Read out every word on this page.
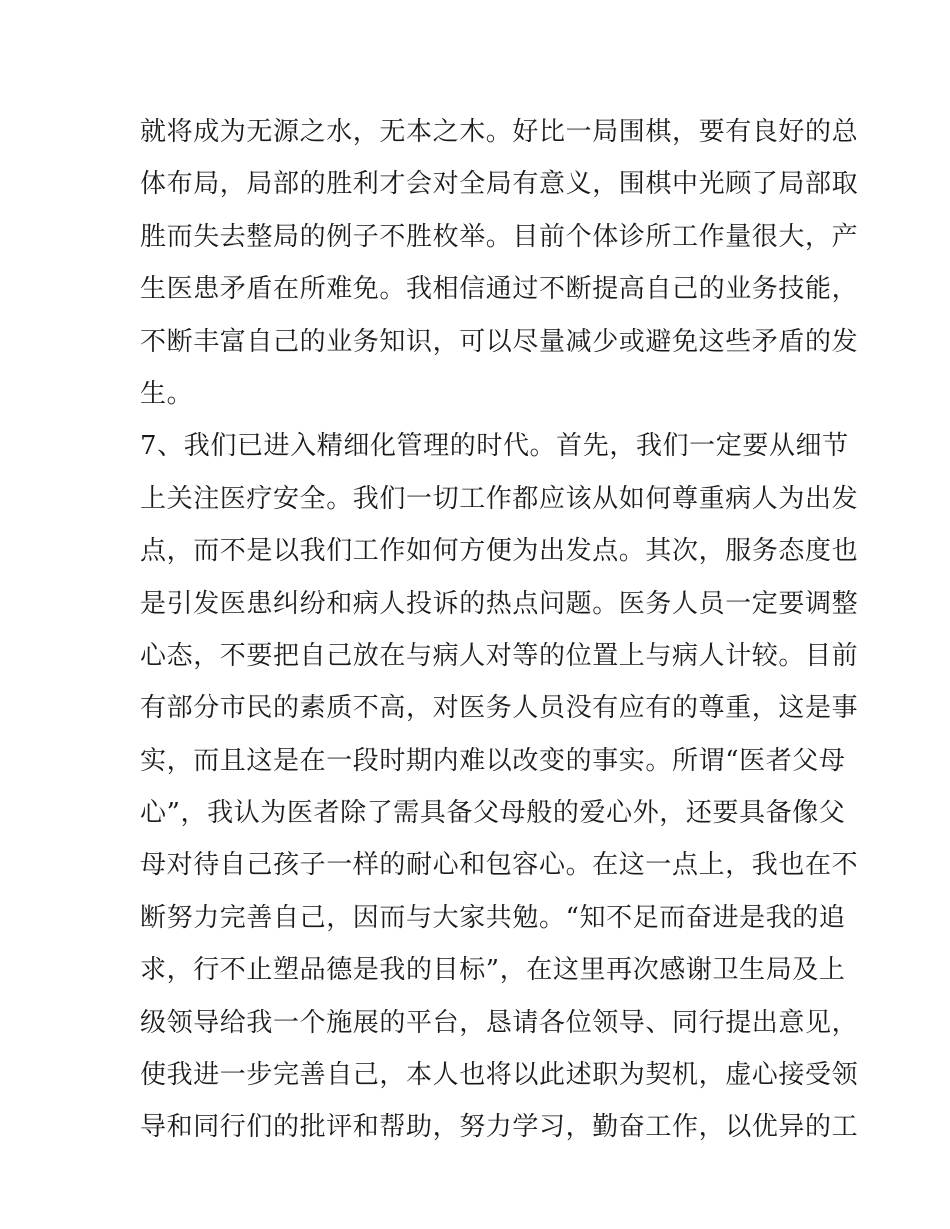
就将成为无源之水，无本之木。好比一局围棋，要有良好的总
体布局，局部的胜利才会对全局有意义，围棋中光顾了局部取
胜而失去整局的例子不胜枚举。目前个体诊所工作量很大，产
生医患矛盾在所难免。我相信通过不断提高自己的业务技能，
不断丰富自己的业务知识，可以尽量减少或避免这些矛盾的发
生。
7、我们已进入精细化管理的时代。首先，我们一定要从细节
上关注医疗安全。我们一切工作都应该从如何尊重病人为出发
点，而不是以我们工作如何方便为出发点。其次，服务态度也
是引发医患纠纷和病人投诉的热点问题。医务人员一定要调整
心态，不要把自己放在与病人对等的位置上与病人计较。目前
有部分市民的素质不高，对医务人员没有应有的尊重，这是事
实，而且这是在一段时期内难以改变的事实。所谓“医者父母
心”，我认为医者除了需具备父母般的爱心外，还要具备像父
母对待自己孩子一样的耐心和包容心。在这一点上，我也在不
断努力完善自己，因而与大家共勉。“知不足而奋进是我的追
求，行不止塑品德是我的目标”，在这里再次感谢卫生局及上
级领导给我一个施展的平台，恳请各位领导、同行提出意见，
使我进一步完善自己，本人也将以此述职为契机，虚心接受领
导和同行们的批评和帮助，努力学习，勤奋工作，以优异的工
